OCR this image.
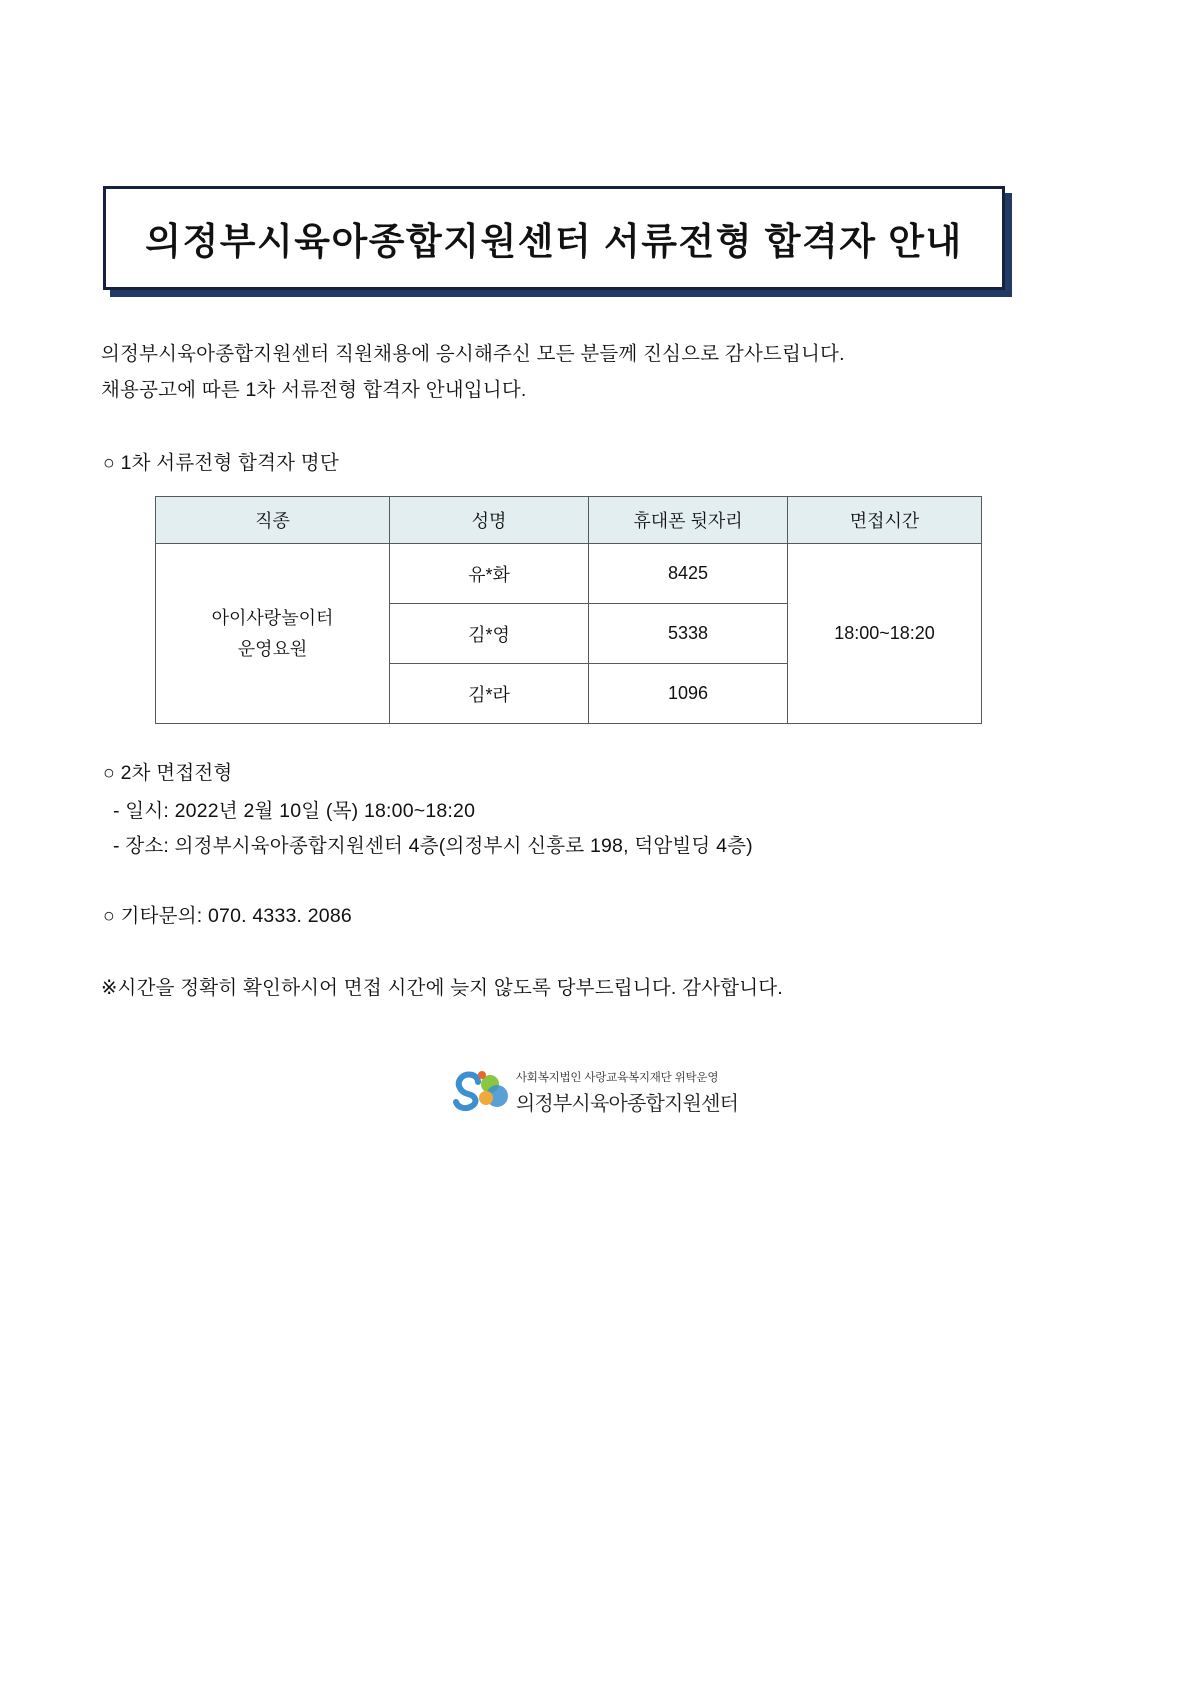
의정부시육아종합지원센터 서류전형 합격자 안내
의정부시육아종합지원센터 직원채용에 응시해주신 모든 분들께 진심으로 감사드립니다.
채용공고에 따른 1차 서류전형 합격자 안내입니다.
○ 1차 서류전형 합격자 명단
직종	성명	휴대폰 뒷자리	면접시간

아이사랑놀이터
운영요원	유*화	8425	18:00~18:20
	김*영	5338	
	김*라	1096	
○ 2차 면접전형
- 일시: 2022년 2월 10일 (목) 18:00~18:20
- 장소: 의정부시육아종합지원센터 4층(의정부시 신흥로 198, 덕암빌딩 4층)
○ 기타문의: 070. 4333. 2086
※시간을 정확히 확인하시어 면접 시간에 늦지 않도록 당부드립니다. 감사합니다.
사회복지법인 사랑교육복지재단 위탁운영
의정부시육아종합지원센터
